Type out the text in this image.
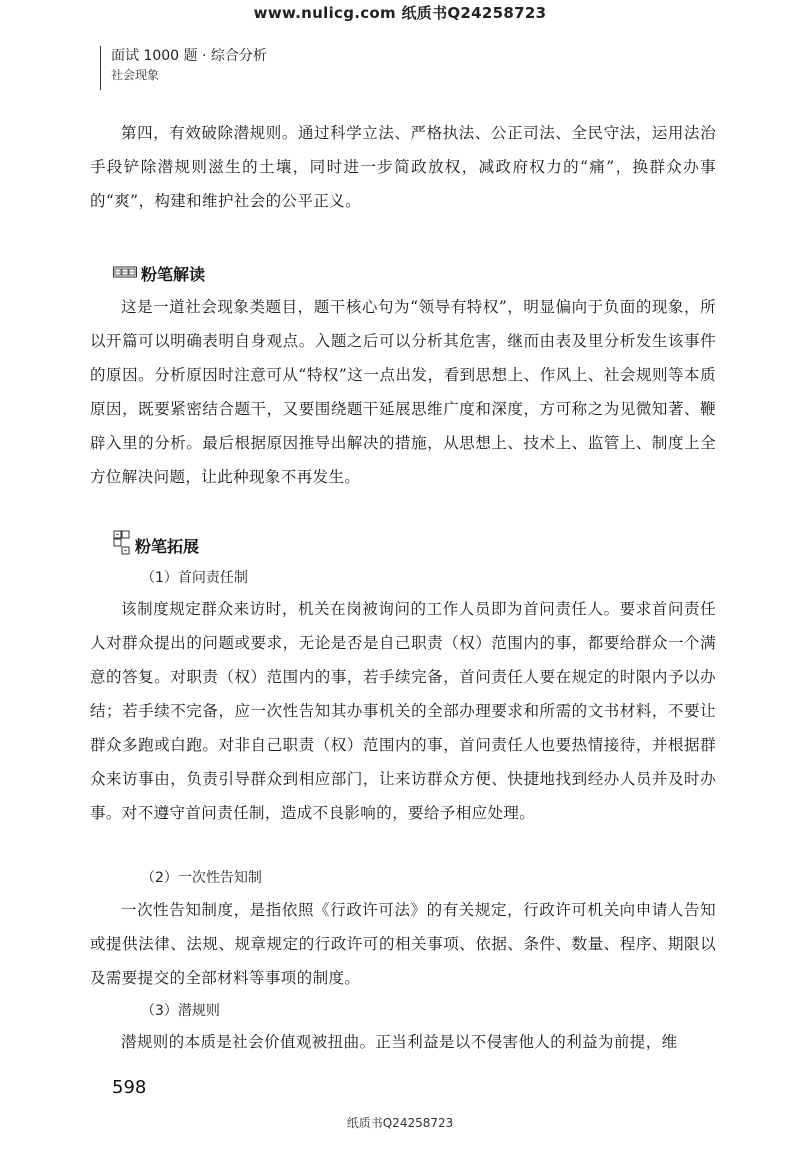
www.nulicg.com 纸质书Q24258723
面试 1000 题 · 综合分析
社会现象

第四，有效破除潜规则。通过科学立法、严格执法、公正司法、全民守法，运用法治手段铲除潜规则滋生的土壤，同时进一步简政放权，减政府权力的“痛”，换群众办事的“爽”，构建和维护社会的公平正义。

粉笔解读

这是一道社会现象类题目，题干核心句为“领导有特权”，明显偏向于负面的现象，所以开篇可以明确表明自身观点。入题之后可以分析其危害，继而由表及里分析发生该事件的原因。分析原因时注意可从“特权”这一点出发，看到思想上、作风上、社会规则等本质原因，既要紧密结合题干，又要围绕题干延展思维广度和深度，方可称之为见微知著、鞭辟入里的分析。最后根据原因推导出解决的措施，从思想上、技术上、监管上、制度上全方位解决问题，让此种现象不再发生。

粉笔拓展
（1）首问责任制

该制度规定群众来访时，机关在岗被询问的工作人员即为首问责任人。要求首问责任人对群众提出的问题或要求，无论是否是自己职责（权）范围内的事，都要给群众一个满意的答复。对职责（权）范围内的事，若手续完备，首问责任人要在规定的时限内予以办结；若手续不完备，应一次性告知其办事机关的全部办理要求和所需的文书材料，不要让群众多跑或白跑。对非自己职责（权）范围内的事，首问责任人也要热情接待，并根据群众来访事由，负责引导群众到相应部门，让来访群众方便、快捷地找到经办人员并及时办事。对不遵守首问责任制，造成不良影响的，要给予相应处理。

（2）一次性告知制

一次性告知制度，是指依照《行政许可法》的有关规定，行政许可机关向申请人告知或提供法律、法规、规章规定的行政许可的相关事项、依据、条件、数量、程序、期限以及需要提交的全部材料等事项的制度。

（3）潜规则

潜规则的本质是社会价值观被扭曲。正当利益是以不侵害他人的利益为前提，维

598
纸质书Q24258723
